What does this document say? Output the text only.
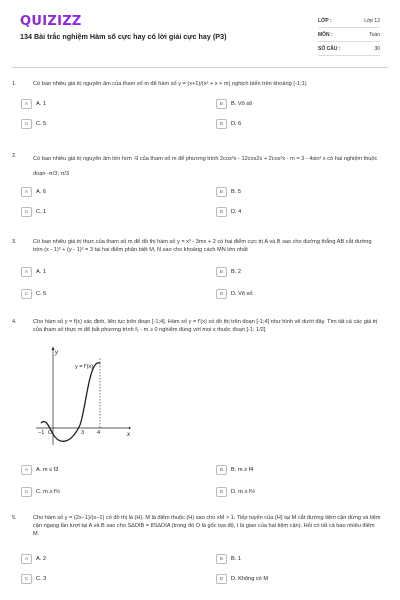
QUIZIZZ
134 Bài trắc nghiệm Hàm số cực hay có lời giải cực hay (P3)
LỚP :	Lớp 12
MÔN :	Toán
SỐ CÂU :	30
1.	Có bao nhiêu giá trị nguyên âm của tham số m để hàm số y = (x+1)/(x² + x + m) nghịch biến trên khoảng (-1;1)
A	A. 1	B	B. Vô số
C	C. 5	D	D. 6
2.	Có bao nhiêu giá trị nguyên âm lớn hơn -9 của tham số m để phương trình 2cos³x - 12cos2x + 2cos³x - m = 3 - 4sin² x có hai nghiệm thuộc đoạn -π/3; π/3
A	A. 6	B	B. 5
C	C. 1	D	D. 4
3.	Có bao nhiêu giá trị thực của tham số m để đồ thị hàm số y = x³ - 3mx + 2 có hai điểm cực trị A và B sao cho đường thẳng AB cắt đường tròn (x - 1)² + (y - 1)² = 3 tại hai điểm phân biệt M, N sao cho khoảng cách MN lớn nhất
A	A. 1	B	B. 2
C	C. 5	D	D. Vô số
4.	Cho hàm số y = f(x) xác định, liên tục trên đoạn [-1;4]. Hàm số y = f'(x) có đồ thị trên đoạn [-1;4] như hình vẽ dưới đây. Tìm tất cả các giá trị của tham số thực m để bất phương trình f₁ - m ≥ 0 nghiệm đúng với mọi x thuộc đoạn [-1; 1/2]
y
x
y = f'(x)
−1 O	3 4
A	A. m ≤ f3	B	B. m ≥ f4
C	C. m ≥ f½	D	D. m ≥ f½
5.	Cho hàm số y = (2x−1)/(x−1) có đồ thị là (H). M là điểm thuộc (H) sao cho xM > 1. Tiếp tuyến của (H) tại M cắt đường tiệm cận đứng và tiệm cận ngang lần lượt tại A và B sao cho S∆OIB = 8S∆OIA (trong đó O là gốc tọa độ, I là giao của hai tiệm cận). Hỏi có tất cả bao nhiêu điểm M.
A	A. 2	B	B. 1
C	C. 3	D	D. Không có M
